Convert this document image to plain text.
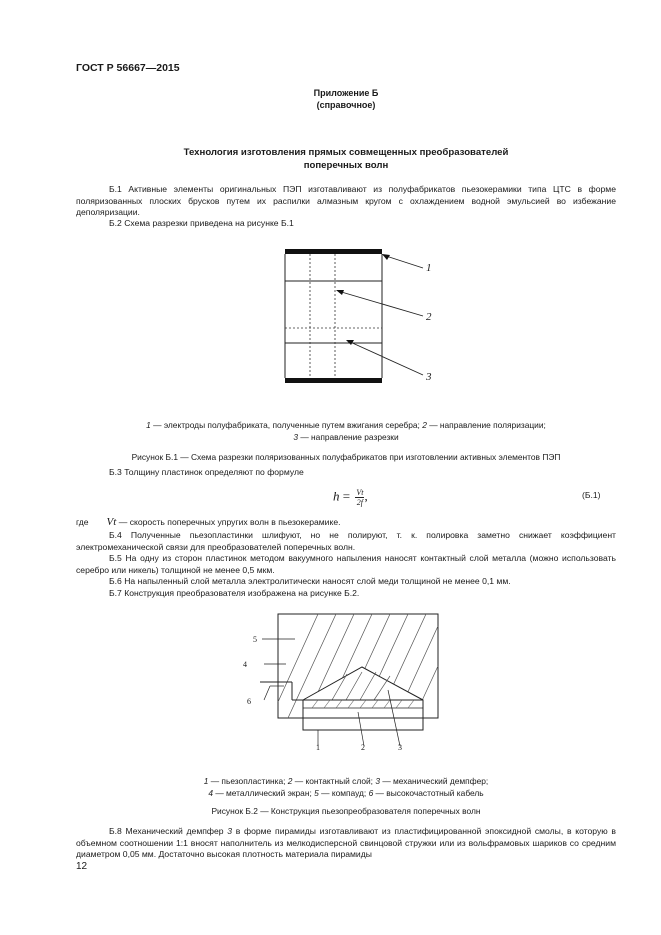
ГОСТ Р 56667—2015
Приложение Б
(справочное)
Технология изготовления прямых совмещенных преобразователей
поперечных волн
Б.1 Активные элементы оригинальных ПЭП изготавливают из полуфабрикатов пьезокерамики типа ЦТС в форме поляризованных плоских брусков путем их распилки алмазным кругом с охлаждением водной эмульсией во избежание деполяризации.
Б.2 Схема разрезки приведена на рисунке Б.1
1
2
3
1 — электроды полуфабриката, полученные путем вжигания серебра; 2 — направление поляризации;
3 — направление разрезки
Рисунок Б.1 — Схема разрезки поляризованных полуфабрикатов при изготовлении активных элементов ПЭП
Б.3 Толщину пластинок определяют по формуле
$h = \frac{Vt}{2f}$ ,	(Б.1)
где Vt — скорость поперечных упругих волн в пьезокерамике.
Б.4 Полученные пьезопластинки шлифуют, но не полируют, т. к. полировка заметно снижает коэффициент электромеханической связи для преобразователей поперечных волн.
Б.5 На одну из сторон пластинок методом вакуумного напыления наносят контактный слой металла (можно использовать серебро или никель) толщиной не менее 0,5 мкм.
Б.6 На напыленный слой металла электролитически наносят слой меди толщиной не менее 0,1 мм.
Б.7 Конструкция преобразователя изображена на рисунке Б.2.
5
4
6
1	2	3
1 — пьезопластинка; 2 — контактный слой; 3 — механический демпфер;
4 — металлический экран; 5 — компауд; 6 — высокочастотный кабель
Рисунок Б.2 — Конструкция пьезопреобразователя поперечных волн
Б.8 Механический демпфер 3 в форме пирамиды изготавливают из пластифицированной эпоксидной смолы, в которую в объемном соотношении 1:1 вносят наполнитель из мелкодисперсной свинцовой стружки или из вольфрамовых шариков со средним диаметром 0,05 мм. Достаточно высокая плотность материала пирамиды
12
